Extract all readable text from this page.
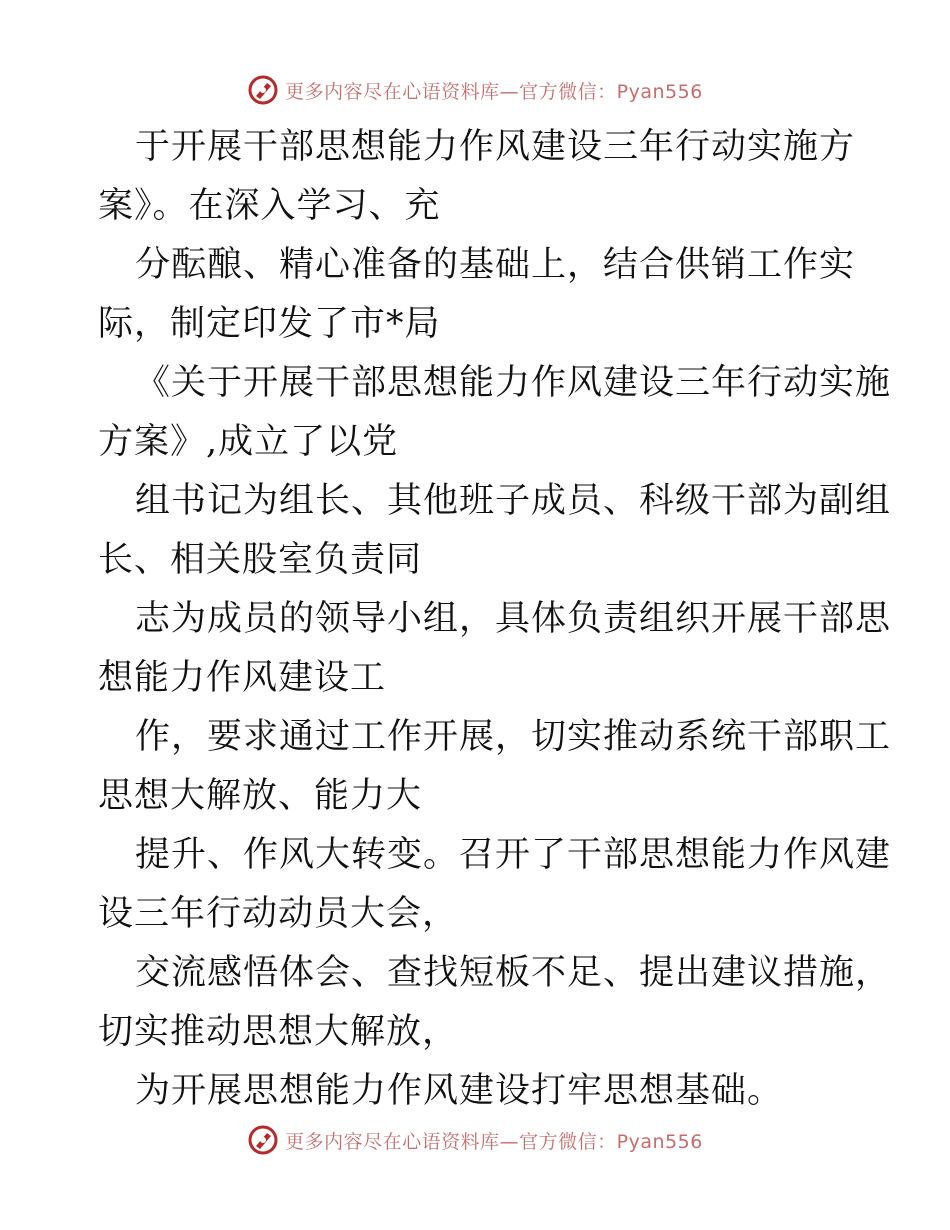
更多内容尽在心语资料库—官方微信：Pyan556

于开展干部思想能力作风建设三年行动实施方
案》。在深入学习、充

分酝酿、精心准备的基础上，结合供销工作实
际，制定印发了市*局

《关于开展干部思想能力作风建设三年行动实施
方案》,成立了以党

组书记为组长、其他班子成员、科级干部为副组
长、相关股室负责同

志为成员的领导小组，具体负责组织开展干部思
想能力作风建设工

作，要求通过工作开展，切实推动系统干部职工
思想大解放、能力大

提升、作风大转变。召开了干部思想能力作风建
设三年行动动员大会，

交流感悟体会、查找短板不足、提出建议措施，
切实推动思想大解放，

为开展思想能力作风建设打牢思想基础。

更多内容尽在心语资料库—官方微信：Pyan556
